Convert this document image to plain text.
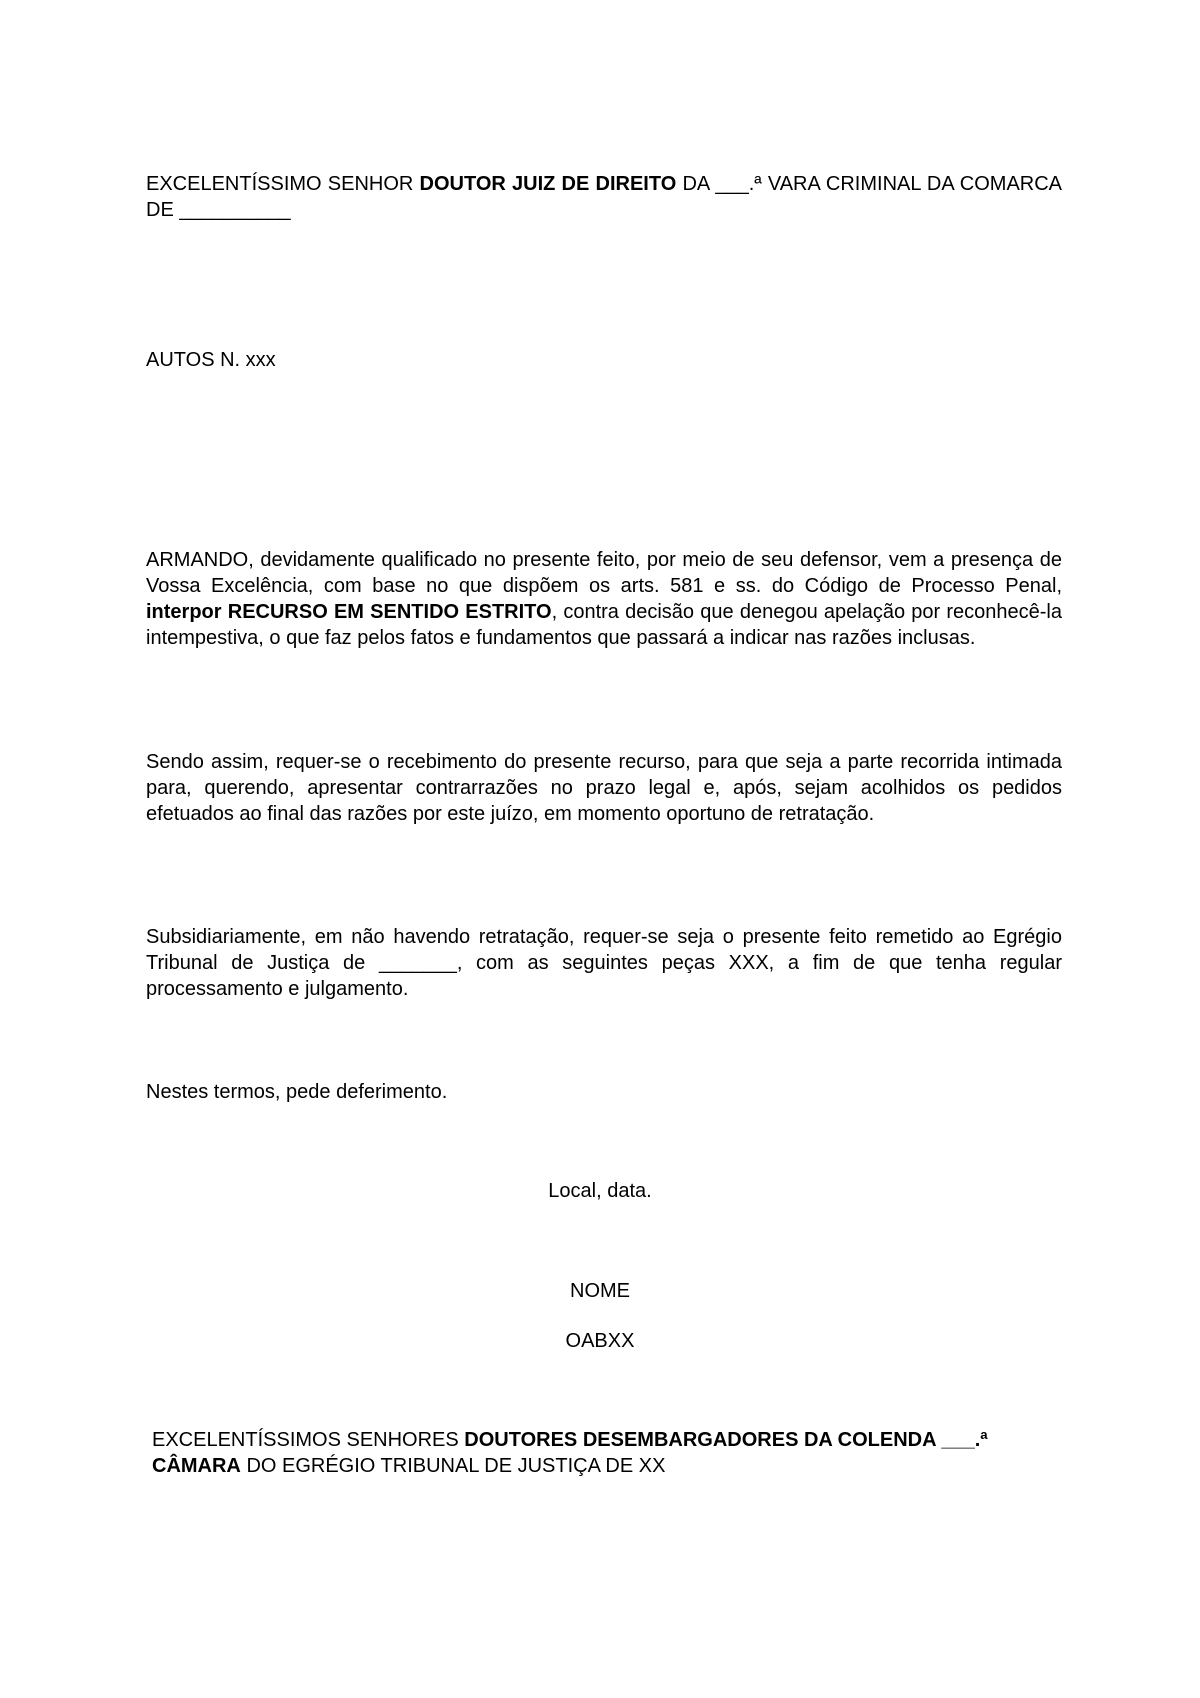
EXCELENTÍSSIMO SENHOR DOUTOR JUIZ DE DIREITO DA ___.ª VARA CRIMINAL DA COMARCA DE __________
AUTOS N. xxx
ARMANDO, devidamente qualificado no presente feito, por meio de seu defensor, vem a presença de Vossa Excelência, com base no que dispõem os arts. 581 e ss. do Código de Processo Penal, interpor RECURSO EM SENTIDO ESTRITO, contra decisão que denegou apelação por reconhecê-la intempestiva, o que faz pelos fatos e fundamentos que passará a indicar nas razões inclusas.
Sendo assim, requer-se o recebimento do presente recurso, para que seja a parte recorrida intimada para, querendo, apresentar contrarrazões no prazo legal e, após, sejam acolhidos os pedidos efetuados ao final das razões por este juízo, em momento oportuno de retratação.
Subsidiariamente, em não havendo retratação, requer-se seja o presente feito remetido ao Egrégio Tribunal de Justiça de _______, com as seguintes peças XXX, a fim de que tenha regular processamento e julgamento.
Nestes termos, pede deferimento.
Local, data.
NOME
OABXX
EXCELENTÍSSIMOS SENHORES DOUTORES DESEMBARGADORES DA COLENDA ___.ª CÂMARA DO EGRÉGIO TRIBUNAL DE JUSTIÇA DE XX
